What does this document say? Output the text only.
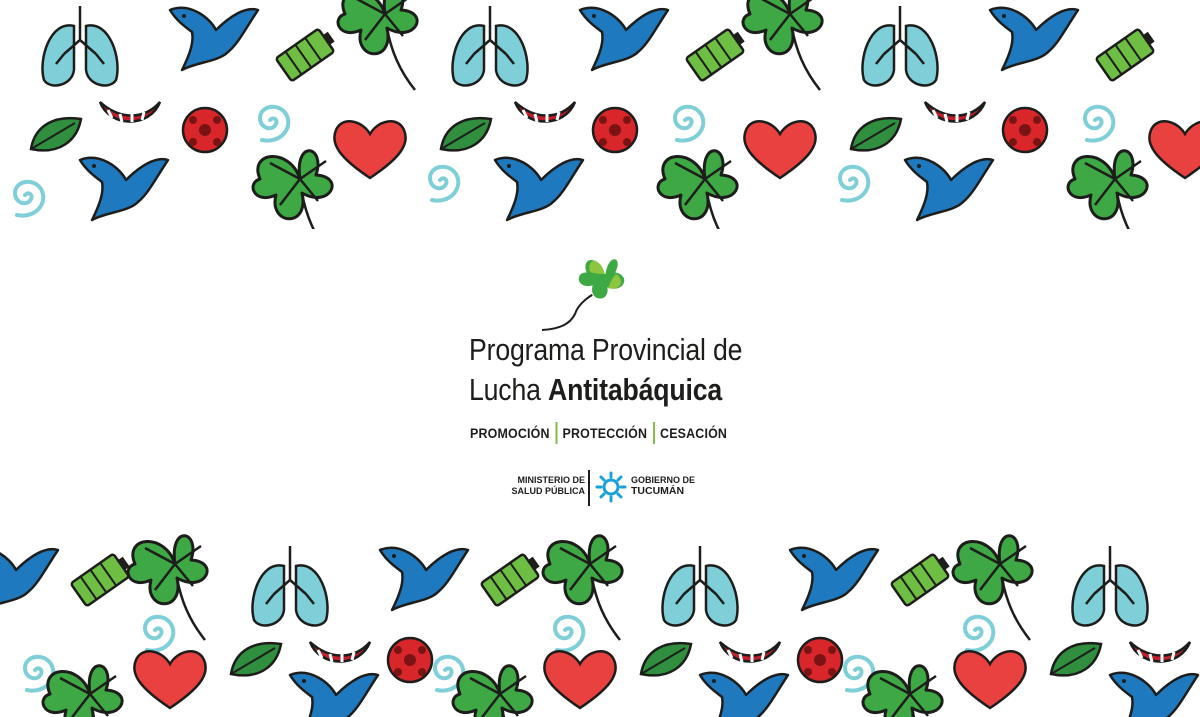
Programa Provincial de
Lucha Antitabáquica
PROMOCIÓN PROTECCIÓN CESACIÓN
MINISTERIO DE
SALUD PÚBLICA
GOBIERNO DE
TUCUMÁN
